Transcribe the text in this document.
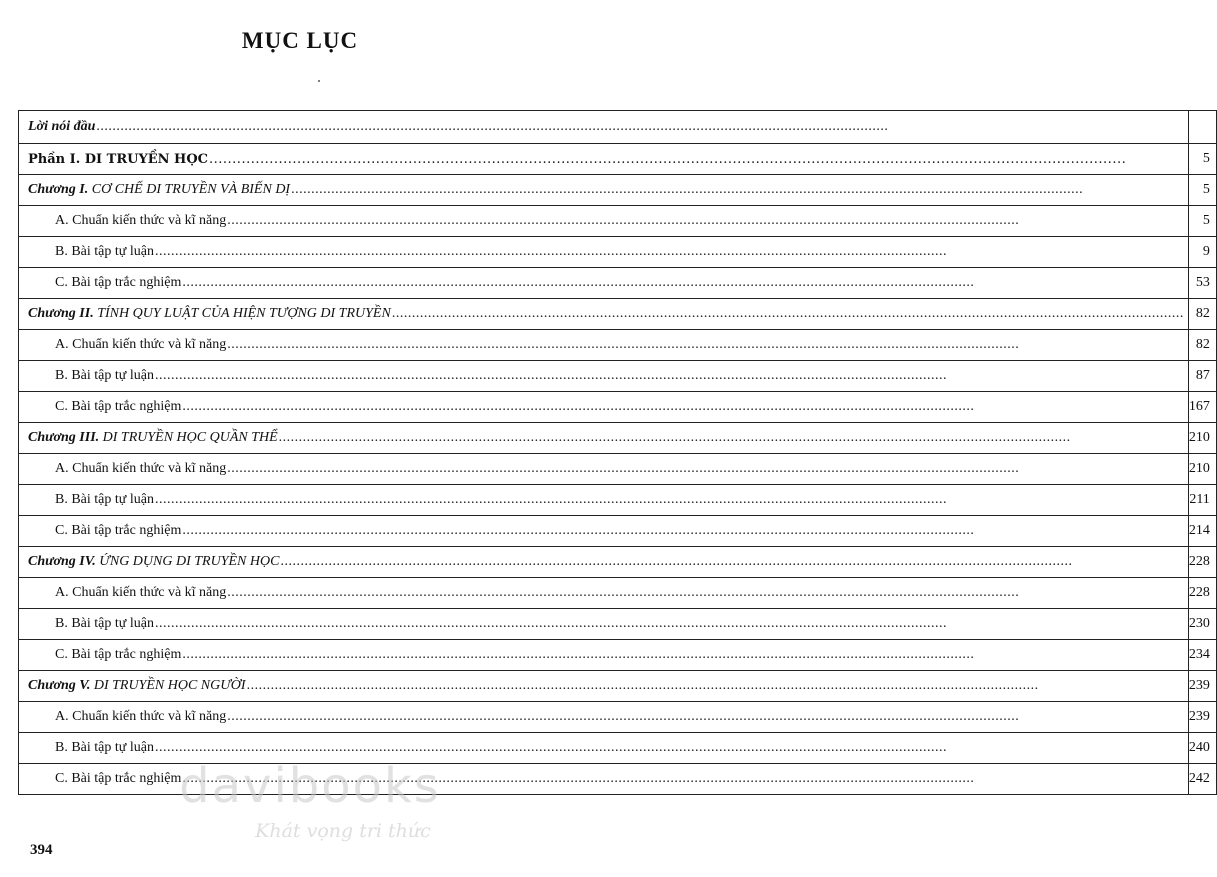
MỤC LỤC
Lời nói đầu
.....

Phần I. DI TRUYỀN HỌC
.....	5

Chương I.
CƠ CHẾ DI TRUYỀN VÀ BIẾN DỊ
.....	5

A. Chuẩn kiến thức và kĩ năng
.....	5

B. Bài tập tự luận
.....	9

C. Bài tập trắc nghiệm
.....	53

Chương II.
TÍNH QUY LUẬT CỦA HIỆN TƯỢNG DI TRUYỀN
.....	82

A. Chuẩn kiến thức và kĩ năng
.....	82

B. Bài tập tự luận
.....	87

C. Bài tập trắc nghiệm
.....	167

Chương III.
DI TRUYỀN HỌC QUẦN THỂ
.....	210

A. Chuẩn kiến thức và kĩ năng
.....	210

B. Bài tập tự luận
.....	211

C. Bài tập trắc nghiệm
.....	214

Chương IV.
ỨNG DỤNG DI TRUYỀN HỌC
.....	228

A. Chuẩn kiến thức và kĩ năng
.....	228

B. Bài tập tự luận
.....	230

C. Bài tập trắc nghiệm
.....	234

Chương V.
DI TRUYỀN HỌC NGƯỜI
.....	239

A. Chuẩn kiến thức và kĩ năng
.....	239

B. Bài tập tự luận
.....	240

C. Bài tập trắc nghiệm
.....	242
394
davibooks
Khát vọng tri thức
